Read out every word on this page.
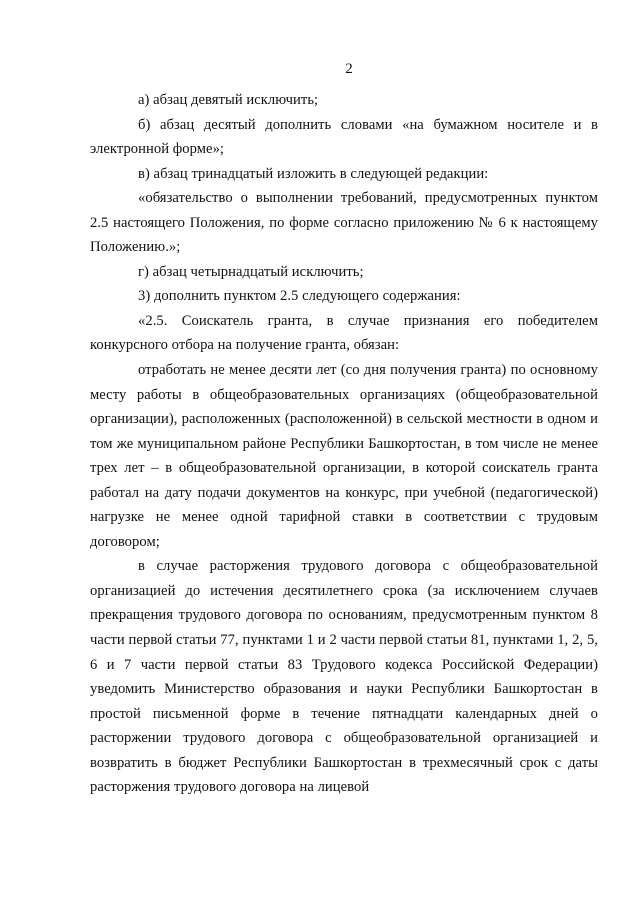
2

а) абзац девятый исключить;

б) абзац десятый дополнить словами «на бумажном носителе и в электронной форме»;

в) абзац тринадцатый изложить в следующей редакции:

«обязательство о выполнении требований, предусмотренных пунктом 2.5 настоящего Положения, по форме согласно приложению № 6 к настоящему Положению.»;

г) абзац четырнадцатый исключить;

3) дополнить пунктом 2.5 следующего содержания:

«2.5. Соискатель гранта, в случае признания его победителем конкурсного отбора на получение гранта, обязан:

отработать не менее десяти лет (со дня получения гранта) по основному месту работы в общеобразовательных организациях (общеобразовательной организации), расположенных (расположенной) в сельской местности в одном и том же муниципальном районе Республики Башкортостан, в том числе не менее трех лет – в общеобразовательной организации, в которой соискатель гранта работал на дату подачи документов на конкурс, при учебной (педагогической) нагрузке не менее одной тарифной ставки в соответствии с трудовым договором;

в случае расторжения трудового договора с общеобразовательной организацией до истечения десятилетнего срока (за исключением случаев прекращения трудового договора по основаниям, предусмотренным пунктом 8 части первой статьи 77, пунктами 1 и 2 части первой статьи 81, пунктами 1, 2, 5, 6 и 7 части первой статьи 83 Трудового кодекса Российской Федерации) уведомить Министерство образования и науки Республики Башкортостан в простой письменной форме в течение пятнадцати календарных дней о расторжении трудового договора с общеобразовательной организацией и возвратить в бюджет Республики Башкортостан в трехмесячный срок с даты расторжения трудового договора на лицевой
